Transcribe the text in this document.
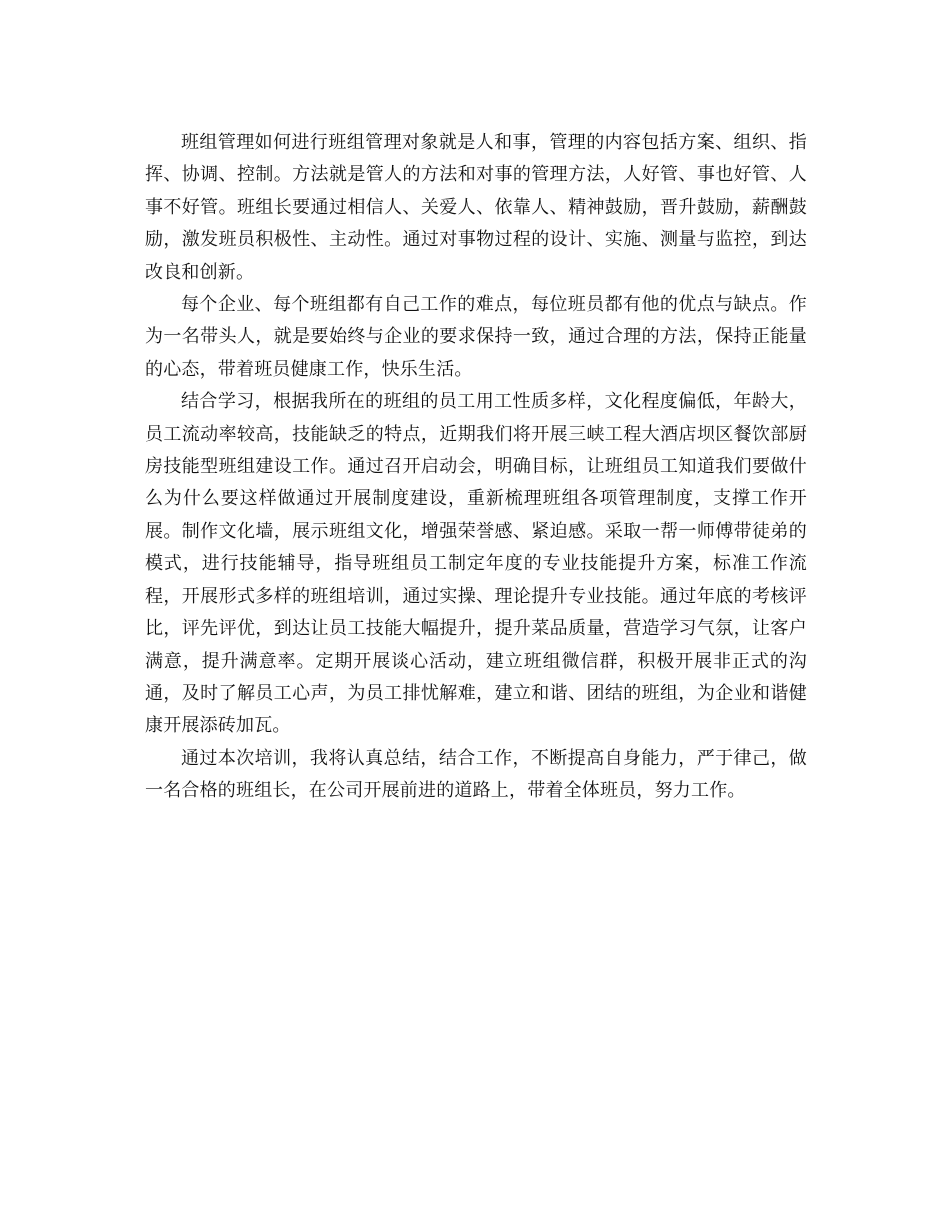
班组管理如何进行班组管理对象就是人和事，管理的内容包括方案、组织、指挥、协调、控制。方法就是管人的方法和对事的管理方法，人好管、事也好管、人事不好管。班组长要通过相信人、关爱人、依靠人、精神鼓励，晋升鼓励，薪酬鼓励，激发班员积极性、主动性。通过对事物过程的设计、实施、测量与监控，到达改良和创新。

每个企业、每个班组都有自己工作的难点，每位班员都有他的优点与缺点。作为一名带头人，就是要始终与企业的要求保持一致，通过合理的方法，保持正能量的心态，带着班员健康工作，快乐生活。

结合学习，根据我所在的班组的员工用工性质多样，文化程度偏低，年龄大，员工流动率较高，技能缺乏的特点，近期我们将开展三峡工程大酒店坝区餐饮部厨房技能型班组建设工作。通过召开启动会，明确目标，让班组员工知道我们要做什么为什么要这样做通过开展制度建设，重新梳理班组各项管理制度，支撑工作开展。制作文化墙，展示班组文化，增强荣誉感、紧迫感。采取一帮一师傅带徒弟的模式，进行技能辅导，指导班组员工制定年度的专业技能提升方案，标准工作流程，开展形式多样的班组培训，通过实操、理论提升专业技能。通过年底的考核评比，评先评优，到达让员工技能大幅提升，提升菜品质量，营造学习气氛，让客户满意，提升满意率。定期开展谈心活动，建立班组微信群，积极开展非正式的沟通，及时了解员工心声，为员工排忧解难，建立和谐、团结的班组，为企业和谐健康开展添砖加瓦。

通过本次培训，我将认真总结，结合工作，不断提高自身能力，严于律己，做一名合格的班组长，在公司开展前进的道路上，带着全体班员，努力工作。
